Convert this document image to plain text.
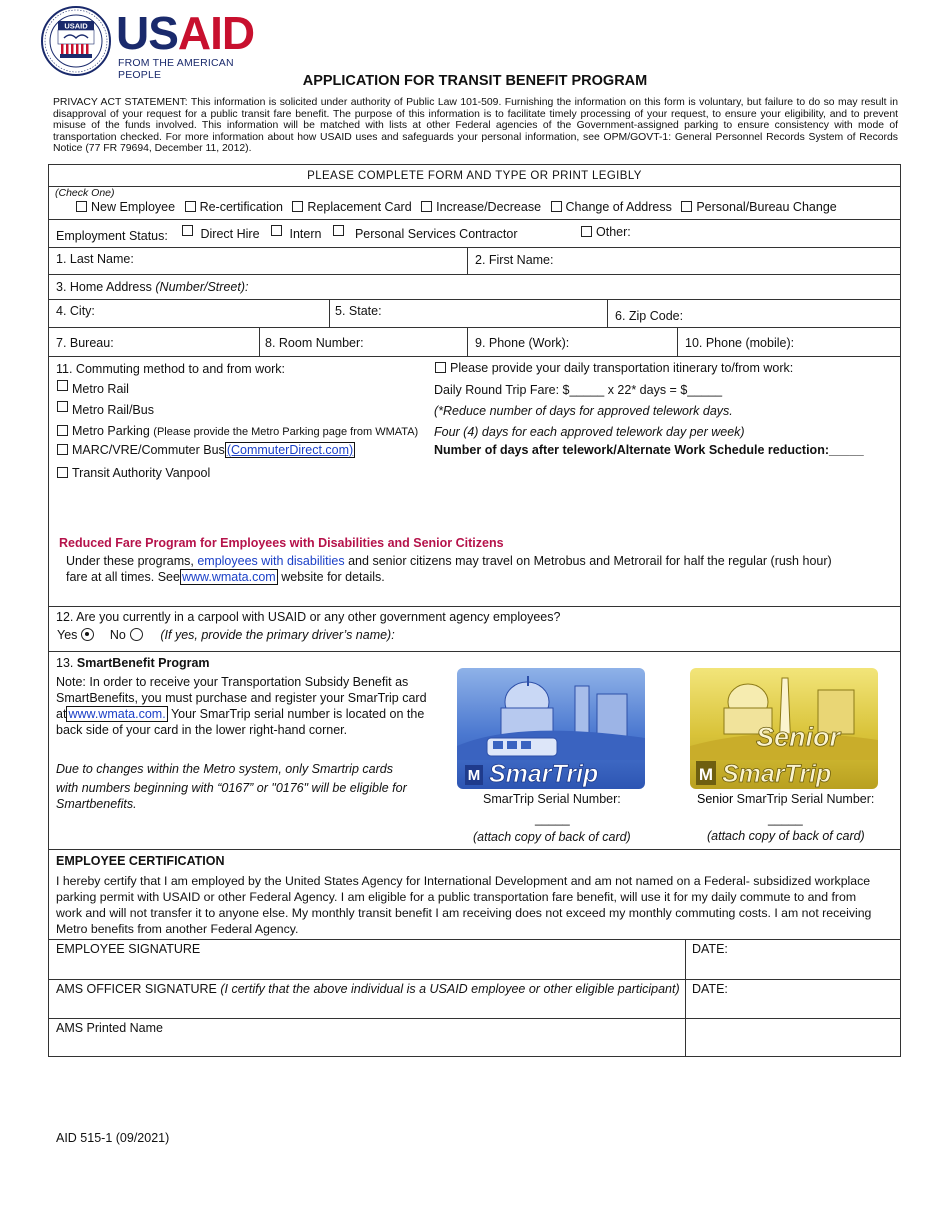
USAID USAID
FROM THE AMERICAN PEOPLE	APPLICATION FOR TRANSIT BENEFIT PROGRAM
PRIVACY ACT STATEMENT: This information is solicited under authority of Public Law 101-509. Furnishing the information on this form is voluntary, but failure to do so may result in disapproval of your request for a public transit fare benefit. The purpose of this information is to facilitate timely processing of your request, to ensure your eligibility, and to prevent misuse of the funds involved. This information will be matched with lists at other Federal agencies of the Government-assigned parking to ensure consistency with mode of transportation checked. For more information about how USAID uses and safeguards your personal information, see OPM/GOVT-1: General Personnel Records System of Records Notice (77 FR 79694, December 11, 2012).
PLEASE COMPLETE FORM AND TYPE OR PRINT LEGIBLY
(Check One)
New Employee Re-certification Replacement Card Increase/Decrease Change of Address Personal/Bureau Change
Employment Status:	Direct Hire	Intern	Personal Services Contractor	Other:
1. Last Name:	2. First Name:
3. Home Address (Number/Street):
4. City:	5. State:	6. Zip Code:
7. Bureau:	8. Room Number:	9. Phone (Work):	10. Phone (mobile):
11. Commuting method to and from work:
Metro Rail
Metro Rail/Bus
Metro Parking (Please provide the Metro Parking page from WMATA)
MARC/VRE/Commuter Bus (CommuterDirect.com)
Transit Authority Vanpool
Please provide your daily transportation itinerary to/from work:
Daily Round Trip Fare: $_____ x 22* days = $_____
(*Reduce number of days for approved telework days.
Four (4) days for each approved telework day per week)
Number of days after telework/Alternate Work Schedule reduction:_____
Reduced Fare Program for Employees with Disabilities and Senior Citizens
Under these programs, employees with disabilities and senior citizens may travel on Metrobus and Metrorail for half the regular (rush hour)
fare at all times. See www.wmata.com website for details.
12. Are you currently in a carpool with USAID or any other government agency employees?
Yes	No	(If yes, provide the primary driver’s name):
13. SmartBenefit Program
Note: In order to receive your Transportation Subsidy Benefit as
SmartBenefits, you must purchase and register your SmarTrip card
at www.wmata.com. Your SmarTrip serial number is located on the
back side of your card in the lower right-hand corner.
Due to changes within the Metro system, only Smartrip cards
with numbers beginning with “0167” or "0176" will be eligible for
Smartbenefits.
M SmarTrip
Senior
M SmarTrip
SmarTrip Serial Number:	Senior SmarTrip Serial Number:
_____	_____
(attach copy of back of card)	(attach copy of back of card)
EMPLOYEE CERTIFICATION
I hereby certify that I am employed by the United States Agency for International Development and am not named on a Federal- subsidized workplace parking permit with USAID or other Federal Agency. I am eligible for a public transportation fare benefit, will use it for my daily commute to and from work and will not transfer it to anyone else. My monthly transit benefit I am receiving does not exceed my monthly commuting costs. I am not receiving Metro benefits from another Federal Agency.
EMPLOYEE SIGNATURE	DATE:
AMS OFFICER SIGNATURE (I certify that the above individual is a USAID employee or other eligible participant) DATE:
AMS Printed Name
AID 515-1 (09/2021)
